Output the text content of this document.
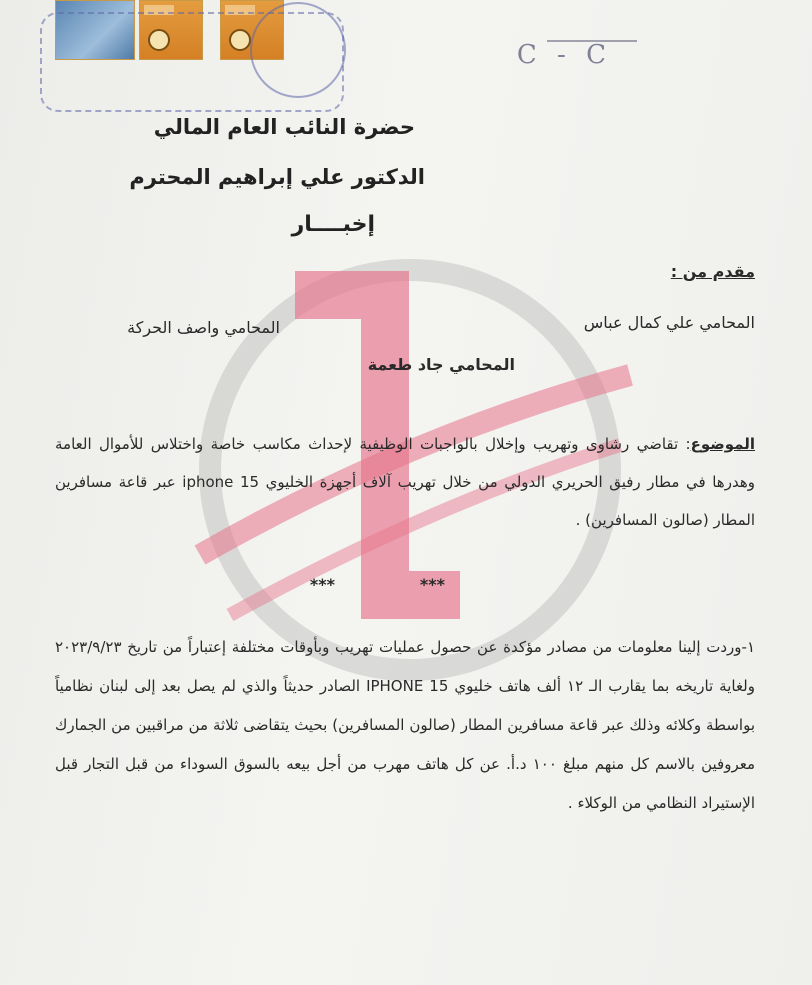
C - C
حضرة النائب العام المالي
الدكتور علي إبراهيم المحترم
إخبــــار
مقدم من :
المحامي علي كمال عباس
المحامي واصف الحركة
المحامي جاد طعمة
الموضوع: تقاضي رشاوى وتهريب وإخلال بالواجبات الوظيفية لإحداث مكاسب خاصة واختلاس للأموال العامة وهدرها في مطار رفيق الحريري الدولي من خلال تهريب آلاف أجهزة الخليوي iphone 15 عبر قاعة مسافرين المطار (صالون المسافرين) .
***
***
١-وردت إلينا معلومات من مصادر مؤكدة عن حصول عمليات تهريب وبأوقات مختلفة إعتباراً من تاريخ ٢٠٢٣/٩/٢٣ ولغاية تاريخه بما يقارب الـ ١٢ ألف هاتف خليوي IPHONE 15 الصادر حديثاً والذي لم يصل بعد إلى لبنان نظامياً بواسطة وكلائه وذلك عبر قاعة مسافرين المطار (صالون المسافرين) بحيث يتقاضى ثلاثة من مراقبين من الجمارك معروفين بالاسم كل منهم مبلغ ١٠٠ د.أ. عن كل هاتف مهرب من أجل بيعه بالسوق السوداء من قبل التجار قبل الإستيراد النظامي من الوكلاء .
